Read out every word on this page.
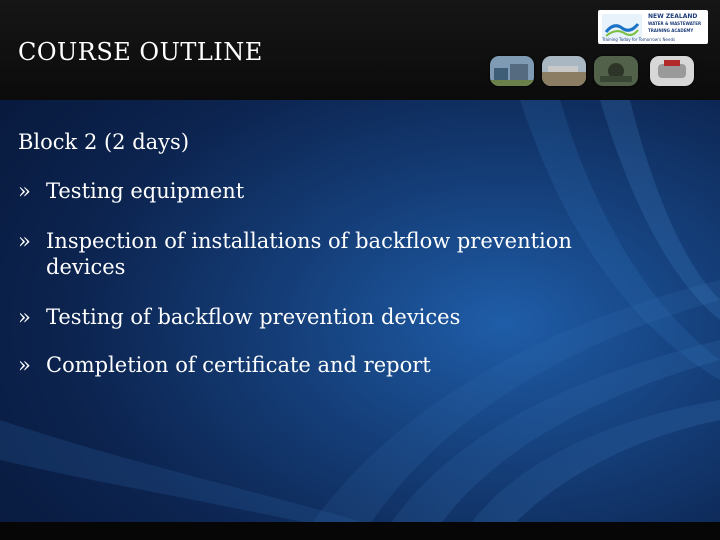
COURSE OUTLINE
NEW ZEALAND
WATER & WASTEWATER
TRAINING ACADEMY
Training Today for Tomorrow's Needs
Block 2 (2 days)
» Testing equipment
» Inspection of installations of backflow prevention devices
» Testing of backflow prevention devices
» Completion of certificate and report
